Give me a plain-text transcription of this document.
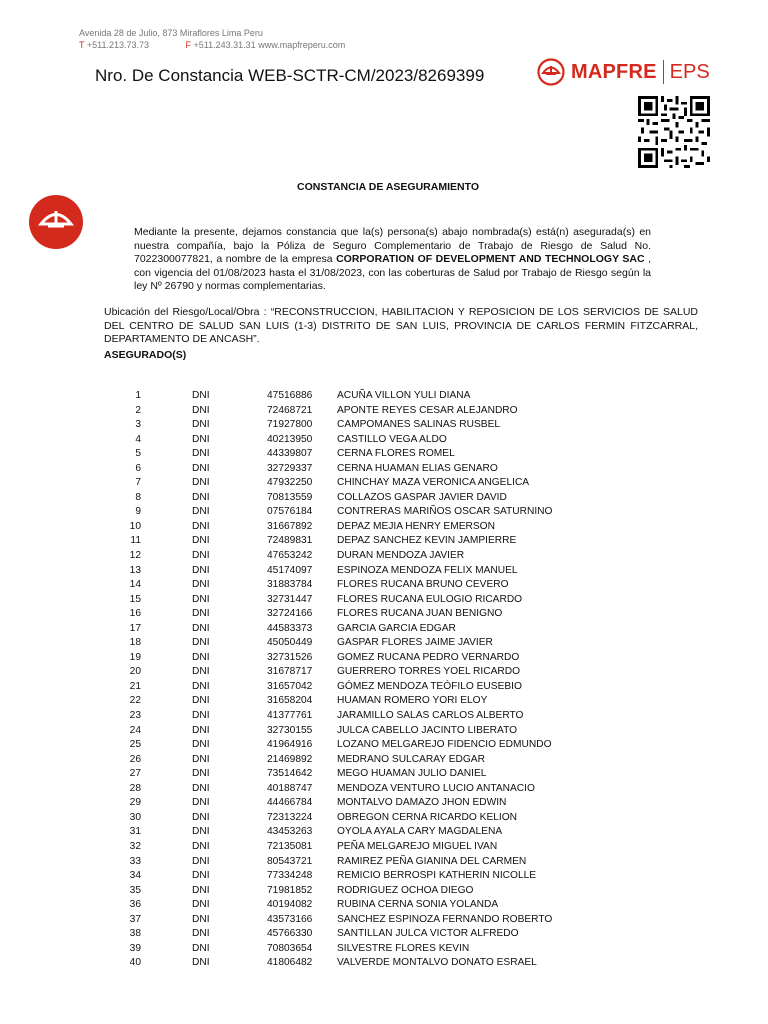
Avenida 28 de Julio, 873 Miraflores Lima Peru
T +511.213.73.73	F +511.243.31.31 www.mapfreperu.com
Nro. De Constancia WEB-SCTR-CM/2023/8269399	MAPFRE EPS
CONSTANCIA DE ASEGURAMIENTO
Mediante la presente, dejamos constancia que la(s) persona(s) abajo nombrada(s) está(n) asegurada(s) en nuestra compañía, bajo la Póliza de Seguro Complementario de Trabajo de Riesgo de Salud No. 7022300077821, a nombre de la empresa CORPORATION OF DEVELOPMENT AND TECHNOLOGY SAC , con vigencia del 01/08/2023 hasta el 31/08/2023, con las coberturas de Salud por Trabajo de Riesgo según la ley Nº 26790 y normas complementarias.
Ubicación del Riesgo/Local/Obra : “RECONSTRUCCION, HABILITACION Y REPOSICION DE LOS SERVICIOS DE SALUD DEL CENTRO DE SALUD SAN LUIS (1-3) DISTRITO DE SAN LUIS, PROVINCIA DE CARLOS FERMIN FITZCARRAL, DEPARTAMENTO DE ANCASH”.
ASEGURADO(S)
1	DNI	47516886 ACUÑA VILLON YULI DIANA
2	DNI	72468721 APONTE REYES CESAR ALEJANDRO
3	DNI	71927800 CAMPOMANES SALINAS RUSBEL
4	DNI	40213950 CASTILLO VEGA ALDO
5	DNI	44339807 CERNA FLORES ROMEL
6	DNI	32729337 CERNA HUAMAN ELIAS GENARO
7	DNI	47932250 CHINCHAY MAZA VERONICA ANGELICA
8	DNI	70813559 COLLAZOS GASPAR JAVIER DAVID
9	DNI	07576184 CONTRERAS MARIÑOS OSCAR SATURNINO
10	DNI	31667892 DEPAZ MEJIA HENRY EMERSON
11	DNI	72489831 DEPAZ SANCHEZ KEVIN JAMPIERRE
12	DNI	47653242 DURAN MENDOZA JAVIER
13	DNI	45174097 ESPINOZA MENDOZA FELIX MANUEL
14	DNI	31883784 FLORES RUCANA BRUNO CEVERO
15	DNI	32731447 FLORES RUCANA EULOGIO RICARDO
16	DNI	32724166 FLORES RUCANA JUAN BENIGNO
17	DNI	44583373 GARCIA GARCIA EDGAR
18	DNI	45050449 GASPAR FLORES JAIME JAVIER
19	DNI	32731526 GOMEZ RUCANA PEDRO VERNARDO
20	DNI	31678717 GUERRERO TORRES YOEL RICARDO
21	DNI	31657042 GÓMEZ MENDOZA TEÓFILO EUSEBIO
22	DNI	31658204 HUAMAN ROMERO YORI ELOY
23	DNI	41377761 JARAMILLO SALAS CARLOS ALBERTO
24	DNI	32730155 JULCA CABELLO JACINTO LIBERATO
25	DNI	41964916 LOZANO MELGAREJO FIDENCIO EDMUNDO
26	DNI	21469892 MEDRANO SULCARAY EDGAR
27	DNI	73514642 MEGO HUAMAN JULIO DANIEL
28	DNI	40188747 MENDOZA VENTURO LUCIO ANTANACIO
29	DNI	44466784 MONTALVO DAMAZO JHON EDWIN
30	DNI	72313224 OBREGON CERNA RICARDO KELION
31	DNI	43453263 OYOLA AYALA CARY MAGDALENA
32	DNI	72135081 PEÑA MELGAREJO MIGUEL IVAN
33	DNI	80543721 RAMIREZ PEÑA GIANINA DEL CARMEN
34	DNI	77334248 REMICIO BERROSPI KATHERIN NICOLLE
35	DNI	71981852 RODRIGUEZ OCHOA DIEGO
36	DNI	40194082 RUBINA CERNA SONIA YOLANDA
37	DNI	43573166 SANCHEZ ESPINOZA FERNANDO ROBERTO
38	DNI	45766330 SANTILLAN JULCA VICTOR ALFREDO
39	DNI	70803654 SILVESTRE FLORES KEVIN
40	DNI	41806482 VALVERDE MONTALVO DONATO ESRAEL
